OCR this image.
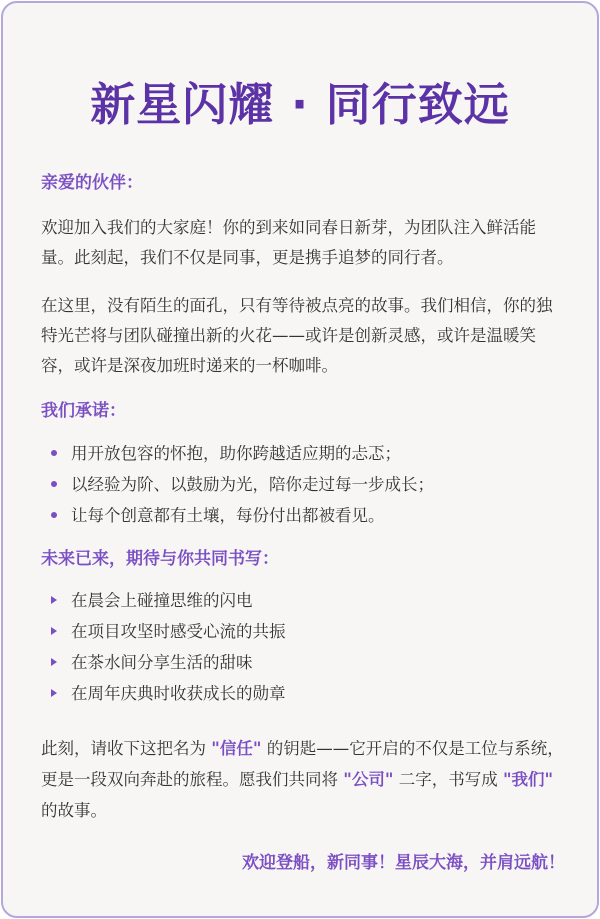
新星闪耀 · 同行致远

亲爱的伙伴：

欢迎加入我们的大家庭！你的到来如同春日新芽，为团队注入鲜活能量。此刻起，我们不仅是同事，更是携手追梦的同行者。

在这里，没有陌生的面孔，只有等待被点亮的故事。我们相信，你的独特光芒将与团队碰撞出新的火花——或许是创新灵感，或许是温暖笑容，或许是深夜加班时递来的一杯咖啡。

我们承诺：

用开放包容的怀抱，助你跨越适应期的忐忑；
以经验为阶、以鼓励为光，陪你走过每一步成长；
让每个创意都有土壤，每份付出都被看见。

未来已来，期待与你共同书写：

在晨会上碰撞思维的闪电
在项目攻坚时感受心流的共振
在茶水间分享生活的甜味
在周年庆典时收获成长的勋章

此刻，请收下这把名为 "信任" 的钥匙——它开启的不仅是工位与系统，更是一段双向奔赴的旅程。愿我们共同将 "公司" 二字，书写成 "我们" 的故事。

欢迎登船，新同事！星辰大海，并肩远航！
